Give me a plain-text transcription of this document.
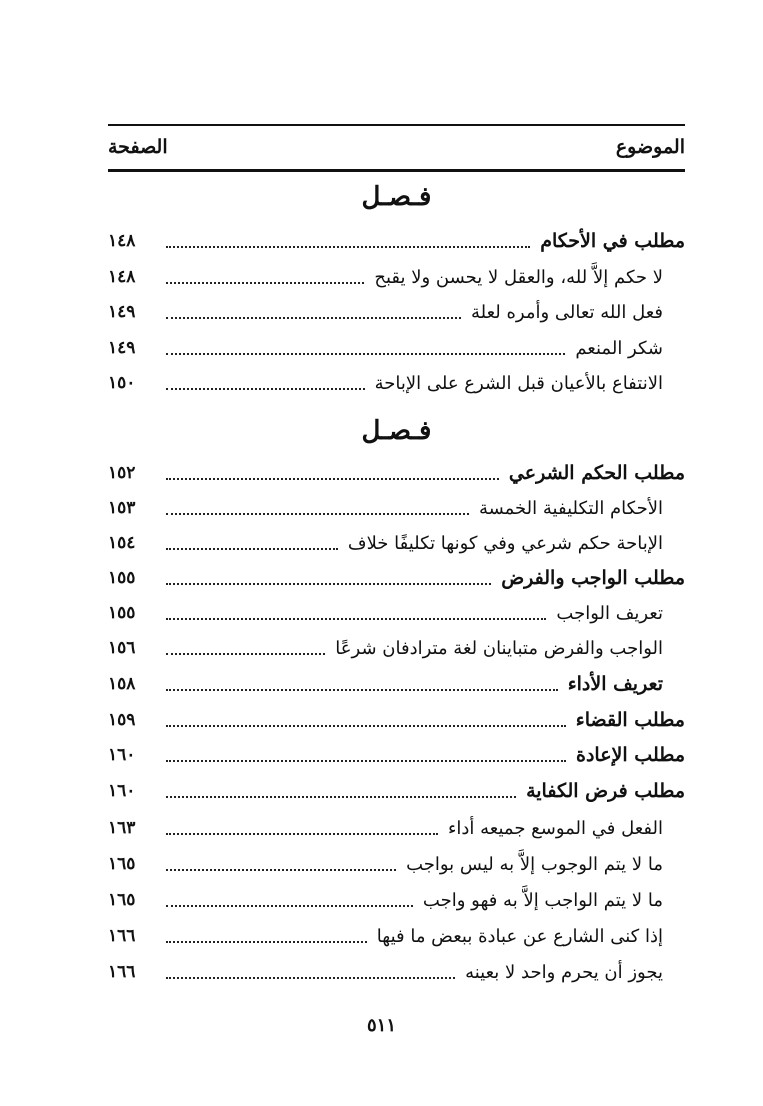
الموضوع
الصفحة
فـصـل
مطلب في الأحكام
١٤٨
لا حكم إلاَّ لله، والعقل لا يحسن ولا يقبح
١٤٨
فعل الله تعالى وأمره لعلة
١٤٩
شكر المنعم
١٤٩
الانتفاع بالأعيان قبل الشرع على الإباحة
١٥٠
فـصـل
مطلب الحكم الشرعي
١٥٢
الأحكام التكليفية الخمسة
١٥٣
الإباحة حكم شرعي وفي كونها تكليفًا خلاف
١٥٤
مطلب الواجب والفرض
١٥٥
تعريف الواجب
١٥٥
الواجب والفرض متباينان لغة مترادفان شرعًا
١٥٦
تعريف الأداء
١٥٨
مطلب القضاء
١٥٩
مطلب الإعادة
١٦٠
مطلب فرض الكفاية
١٦٠
الفعل في الموسع جميعه أداء
١٦٣
ما لا يتم الوجوب إلاَّ به ليس بواجب
١٦٥
ما لا يتم الواجب إلاَّ به فهو واجب
١٦٥
إذا كنى الشارع عن عبادة ببعض ما فيها
١٦٦
يجوز أن يحرم واحد لا بعينه
١٦٦
٥١١
